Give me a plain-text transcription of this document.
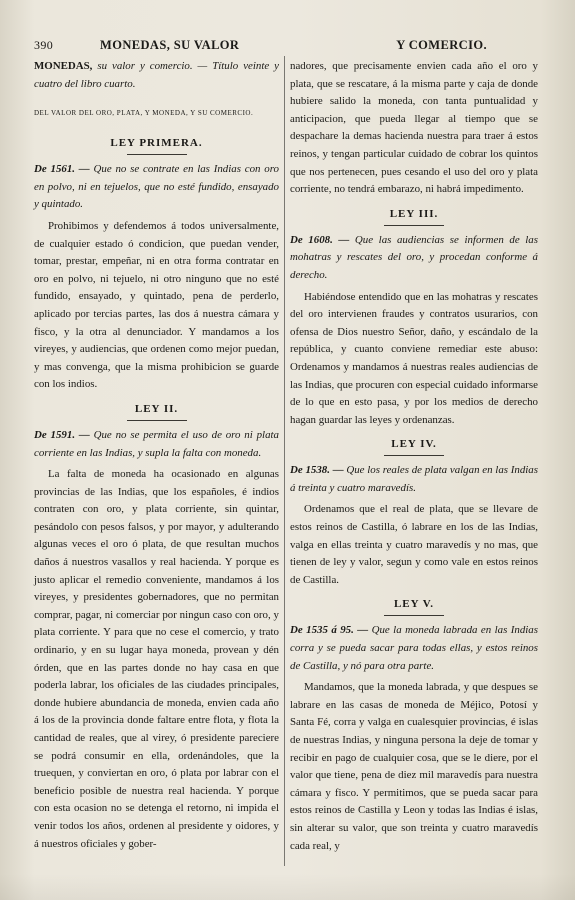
390	MONEDAS, SU VALOR	Y COMERCIO.

MONEDAS, su valor y comercio. — Título veinte y cuatro del libro cuarto.

DEL VALOR DEL ORO, PLATA, Y MONEDA, Y SU COMERCIO.

LEY PRIMERA.

De 1561. — Que no se contrate en las Indias con oro en polvo, ni en tejuelos, que no esté fundido, ensayado y quintado.

Prohibimos y defendemos á todos universalmente, de cualquier estado ó condicion, que puedan vender, tomar, prestar, empeñar, ni en otra forma contratar en oro en polvo, ni tejuelo, ni otro ninguno que no esté fundido, ensayado, y quintado, pena de perderlo, aplicado por tercias partes, las dos á nuestra cámara y fisco, y la otra al denunciador. Y mandamos a los vireyes, y audiencias, que ordenen como mejor puedan, y mas convenga, que la misma prohibicion se guarde con los indios.

LEY II.

De 1591. — Que no se permita el uso de oro ni plata corriente en las Indias, y supla la falta con moneda.

La falta de moneda ha ocasionado en algunas provincias de las Indias, que los españoles, é indios contraten con oro, y plata corriente, sin quintar, pesándolo con pesos falsos, y por mayor, y adulterando algunas veces el oro ó plata, de que resultan muchos daños á nuestros vasallos y real hacienda. Y porque es justo aplicar el remedio conveniente, mandamos á los vireyes, y presidentes gobernadores, que no permitan comprar, pagar, ni comerciar por ningun caso con oro, y plata corriente. Y para que no cese el comercio, y trato ordinario, y en su lugar haya moneda, provean y dén órden, que en las partes donde no hay casa en que poderla labrar, los oficiales de las ciudades principales, donde hubiere abundancia de moneda, envien cada año á los de la provincia donde faltare entre flota, y flota la cantidad de reales, que al virey, ó presidente pareciere se podrá consumir en ella, ordenándoles, que la truequen, y conviertan en oro, ó plata por labrar con el beneficio posible de nuestra real hacienda. Y porque con esta ocasion no se detenga el retorno, ni impida el venir todos los años, ordenen al presidente y oidores, y á nuestros oficiales y gober-

nadores, que precisamente envien cada año el oro y plata, que se rescatare, á la misma parte y caja de donde hubiere salido la moneda, con tanta puntualidad y anticipacion, que pueda llegar al tiempo que se despachare la demas hacienda nuestra para traer á estos reinos, y tengan particular cuidado de cobrar los quintos que nos pertenecen, pues cesando el uso del oro y plata corriente, no tendrá embarazo, ni habrá impedimento.

LEY III.

De 1608. — Que las audiencias se informen de las mohatras y rescates del oro, y procedan conforme á derecho.

Habiéndose entendido que en las mohatras y rescates del oro intervienen fraudes y contratos usurarios, con ofensa de Dios nuestro Señor, daño, y escándalo de la república, y cuanto conviene remediar este abuso: Ordenamos y mandamos á nuestras reales audiencias de las Indias, que procuren con especial cuidado informarse de lo que en esto pasa, y por los medios de derecho hagan guardar las leyes y ordenanzas.

LEY IV.

De 1538. — Que los reales de plata valgan en las Indias á treinta y cuatro maravedís.

Ordenamos que el real de plata, que se llevare de estos reinos de Castilla, ó labrare en los de las Indias, valga en ellas treinta y cuatro maravedís y no mas, que tienen de ley y valor, segun y como vale en estos reinos de Castilla.

LEY V.

De 1535 á 95. — Que la moneda labrada en las Indias corra y se pueda sacar para todas ellas, y estos reinos de Castilla, y nó para otra parte.

Mandamos, que la moneda labrada, y que despues se labrare en las casas de moneda de Méjico, Potosí y Santa Fé, corra y valga en cualesquier provincias, é islas de nuestras Indias, y ninguna persona la deje de tomar y recibir en pago de cualquier cosa, que se le diere, por el valor que tiene, pena de diez mil maravedís para nuestra cámara y fisco. Y permitimos, que se pueda sacar para estos reinos de Castilla y Leon y todas las Indias é islas, sin alterar su valor, que son treinta y cuatro maravedís cada real, y
